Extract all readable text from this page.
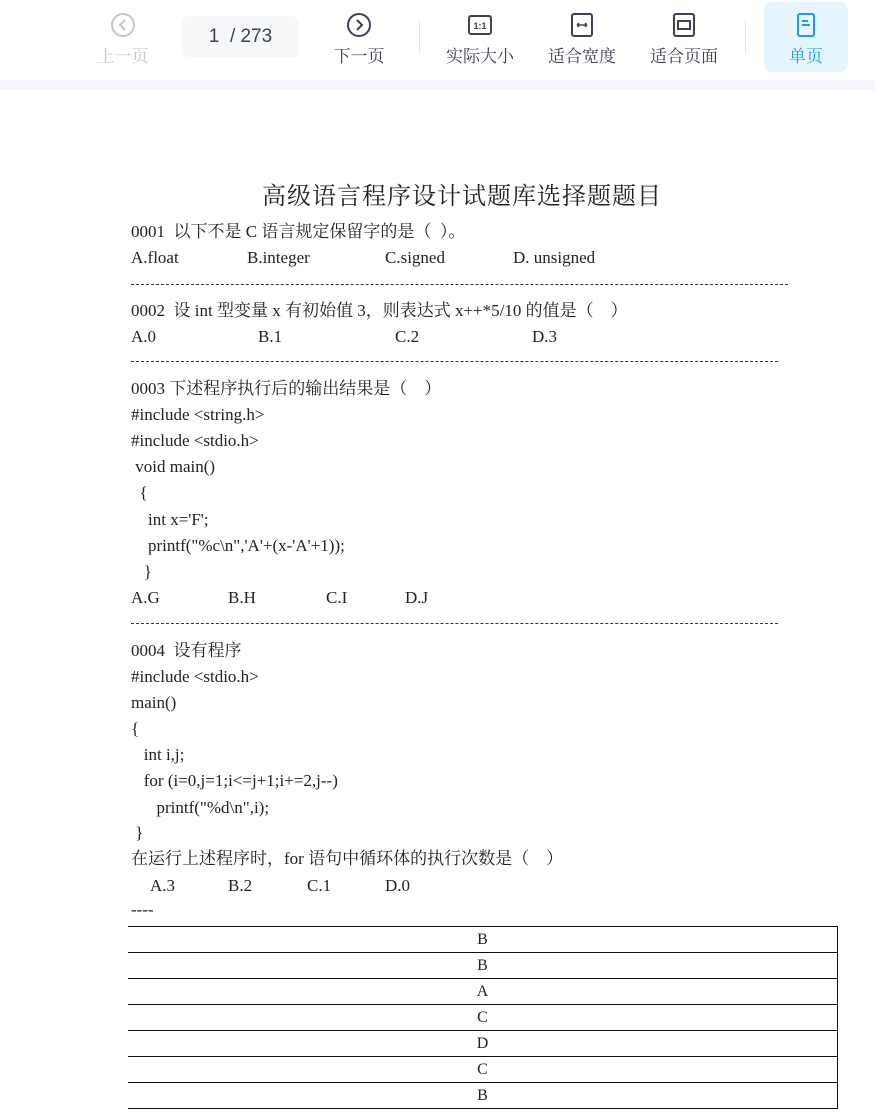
上一页
1 / 273
下一页
1:1
实际大小	适合宽度	适合页面	单页
高级语言程序设计试题库选择题题目
0001  以下不是 C 语言规定保留字的是（  ）。
A.float	B.integer	C.signed	D. unsigned
0002  设 int 型变量 x 有初始值 3，则表达式 x++*5/10 的值是（    ）
A.0	B.1	C.2	D.3
0003 下述程序执行后的输出结果是（    ）
#include <string.h>
#include <stdio.h>
void main()
{
int x='F';
printf("%c\n",'A'+(x-'A'+1));
}
A.G	B.H	C.I	D.J
0004  设有程序
#include <stdio.h>
main()
{
int i,j;
for (i=0,j=1;i<=j+1;i+=2,j--)
printf("%d\n",i);
}
在运行上述程序时，for 语句中循环体的执行次数是（    ）
A.3	B.2	C.1	D.0
----
B
B
A
C
D
C
B
